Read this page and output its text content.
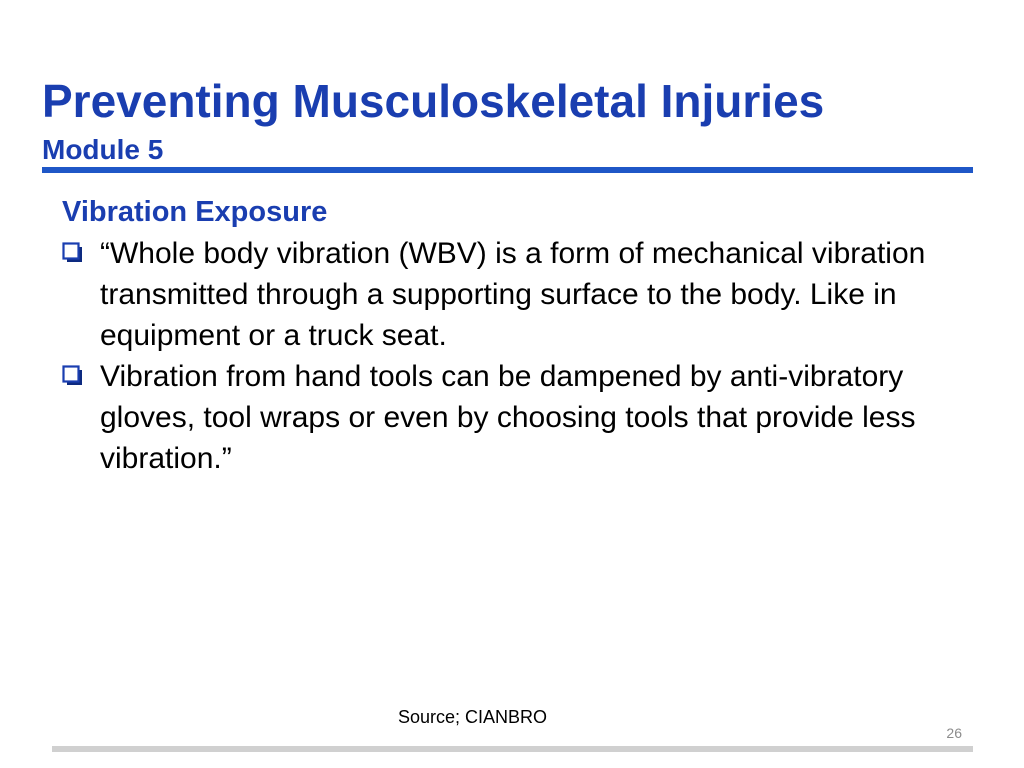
Preventing Musculoskeletal Injuries
Module 5
Vibration Exposure
“Whole body vibration (WBV) is a form of mechanical vibration transmitted through a supporting surface to the body. Like in equipment or a truck seat.
Vibration from hand tools can be dampened by anti-vibratory gloves, tool wraps or even by choosing tools that provide less vibration.”
Source; CIANBRO
26
